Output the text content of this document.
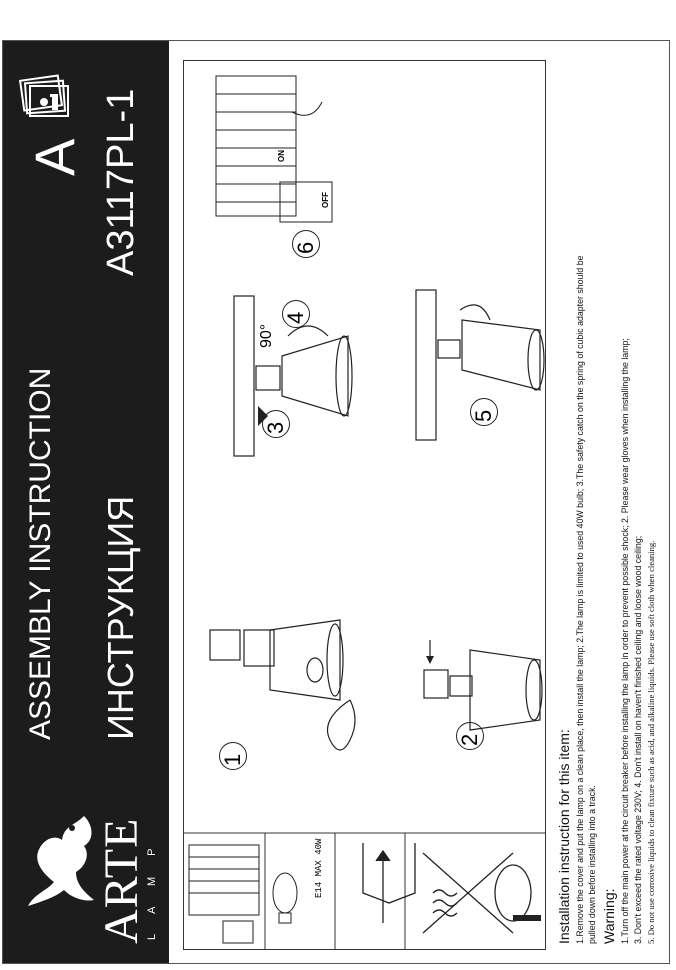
A A3117PL-1
ASSEMBLY INSTRUCTION ИНСТРУКЦИЯ
ARTE
L A M P	E14 MAX 40W
1
2
3
4
90°
5
ON
OFF
6
Installation instruction for this item: 1.Remove the cover and put the lamp on a clean place, then install the lamp; 2.The lamp is limited to used 40W bulb; 3.The safety catch on the spring of cubic adapter should be pulled down before installing into a track. Warning: 1.Turn off the main power at the circuit breaker before installing the lamp in order to prevent possible shock; 2. Please wear gloves when installing the lamp; 3. Don't exceed the rated voltage 230V; 4. Don't install on haven't finished ceiling and loose wood ceiling; 5. Do not use corrosive liquids to clean fixture such as acid, and alkaline liquids. Please use soft cloth when cleaning.
